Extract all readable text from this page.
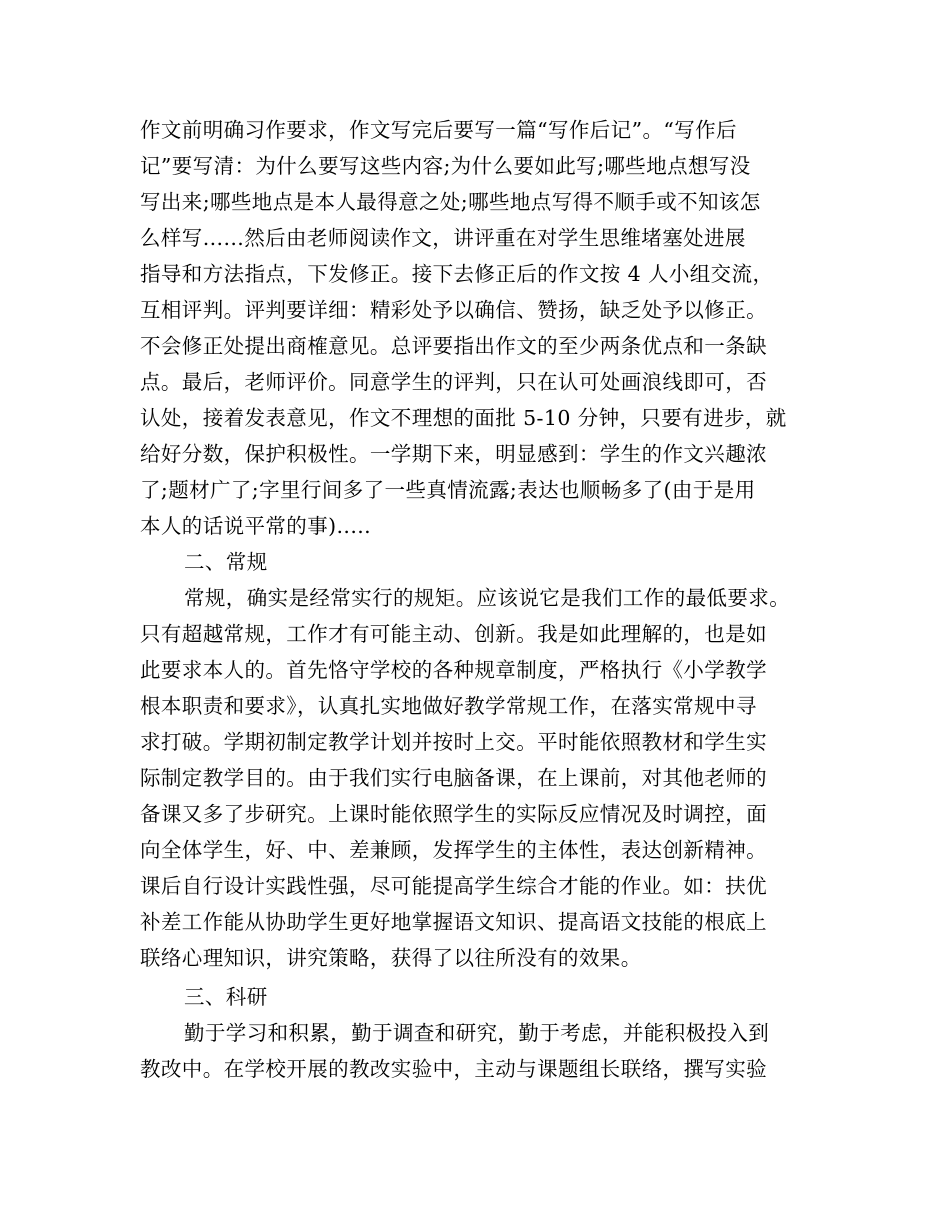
作文前明确习作要求，作文写完后要写一篇“写作后记”。“写作后
记”要写清：为什么要写这些内容;为什么要如此写;哪些地点想写没
写出来;哪些地点是本人最得意之处;哪些地点写得不顺手或不知该怎
么样写......然后由老师阅读作文，讲评重在对学生思维堵塞处进展
指导和方法指点，下发修正。接下去修正后的作文按 4 人小组交流，
互相评判。评判要详细：精彩处予以确信、赞扬，缺乏处予以修正。
不会修正处提出商榷意见。总评要指出作文的至少两条优点和一条缺
点。最后，老师评价。同意学生的评判，只在认可处画浪线即可，否
认处，接着发表意见，作文不理想的面批 5-10 分钟，只要有进步，就
给好分数，保护积极性。一学期下来，明显感到：学生的作文兴趣浓
了;题材广了;字里行间多了一些真情流露;表达也顺畅多了(由于是用
本人的话说平常的事).....
二、常规
常规，确实是经常实行的规矩。应该说它是我们工作的最低要求。
只有超越常规，工作才有可能主动、创新。我是如此理解的，也是如
此要求本人的。首先恪守学校的各种规章制度，严格执行《小学教学
根本职责和要求》，认真扎实地做好教学常规工作，在落实常规中寻
求打破。学期初制定教学计划并按时上交。平时能依照教材和学生实
际制定教学目的。由于我们实行电脑备课，在上课前，对其他老师的
备课又多了步研究。上课时能依照学生的实际反应情况及时调控，面
向全体学生，好、中、差兼顾，发挥学生的主体性，表达创新精神。
课后自行设计实践性强，尽可能提高学生综合才能的作业。如：扶优
补差工作能从协助学生更好地掌握语文知识、提高语文技能的根底上
联络心理知识，讲究策略，获得了以往所没有的效果。
三、科研
勤于学习和积累，勤于调查和研究，勤于考虑，并能积极投入到
教改中。在学校开展的教改实验中，主动与课题组长联络，撰写实验
